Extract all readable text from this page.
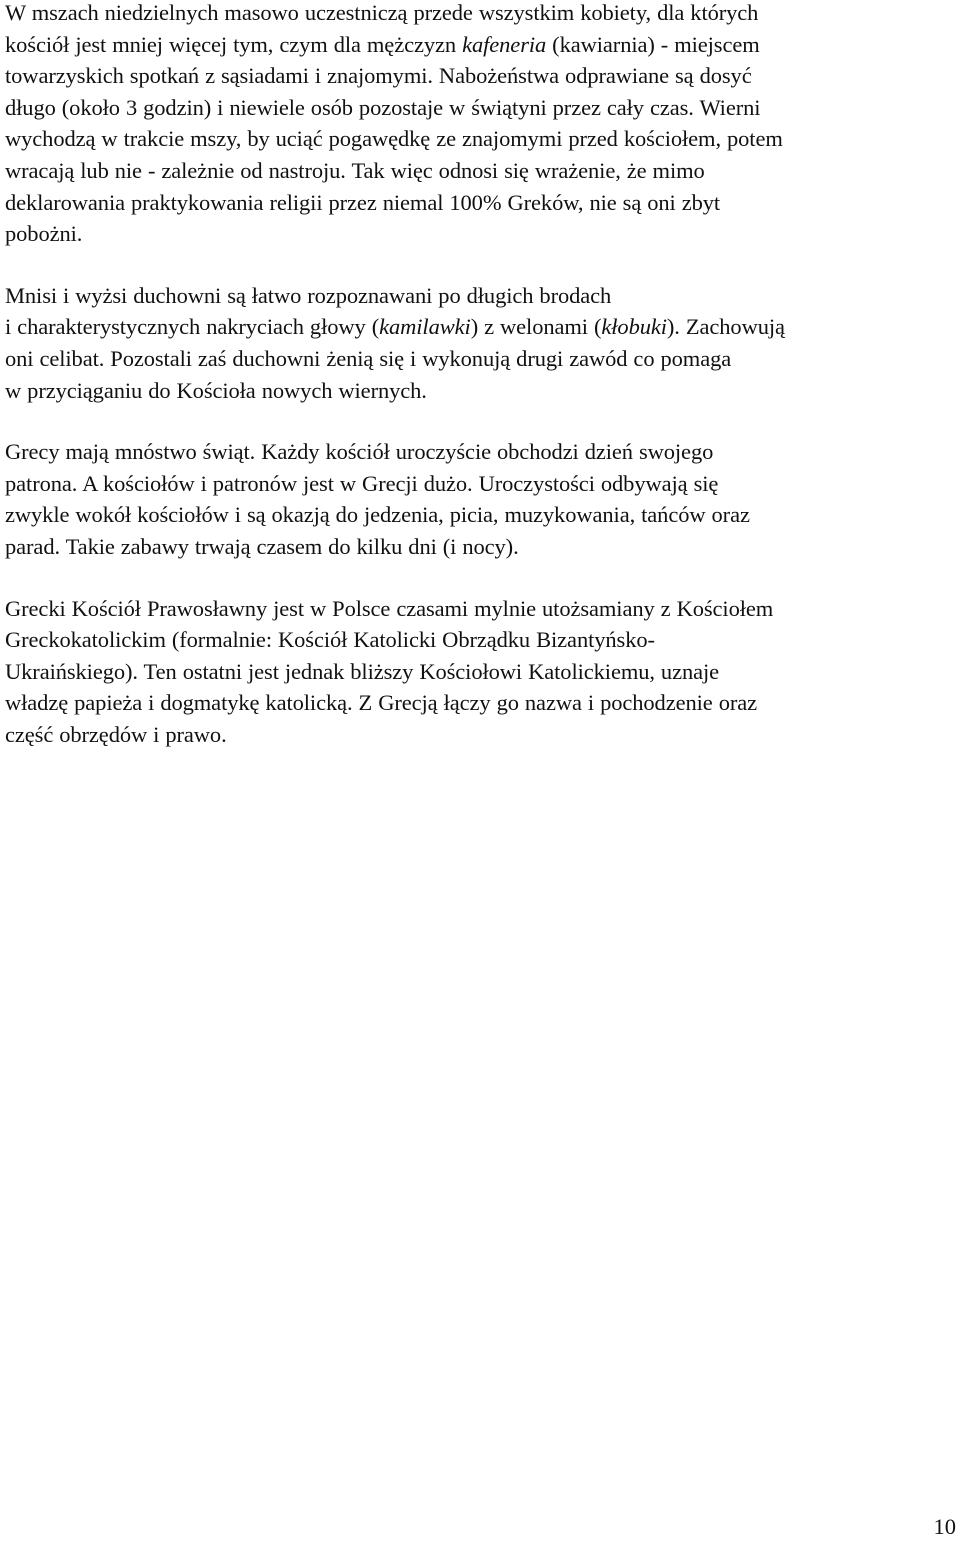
W mszach niedzielnych masowo uczestniczą przede wszystkim kobiety, dla których
kościół jest mniej więcej tym, czym dla mężczyzn kafeneria (kawiarnia) - miejscem
towarzyskich spotkań z sąsiadami i znajomymi. Nabożeństwa odprawiane są dosyć
długo (około 3 godzin) i niewiele osób pozostaje w świątyni przez cały czas. Wierni
wychodzą w trakcie mszy, by uciąć pogawędkę ze znajomymi przed kościołem, potem
wracają lub nie - zależnie od nastroju. Tak więc odnosi się wrażenie, że mimo
deklarowania praktykowania religii przez niemal 100% Greków, nie są oni zbyt
pobożni.

Mnisi i wyżsi duchowni są łatwo rozpoznawani po długich brodach
i charakterystycznych nakryciach głowy (kamilawki) z welonami (kłobuki). Zachowują
oni celibat. Pozostali zaś duchowni żenią się i wykonują drugi zawód co pomaga
w przyciąganiu do Kościoła nowych wiernych.

Grecy mają mnóstwo świąt. Każdy kościół uroczyście obchodzi dzień swojego
patrona. A kościołów i patronów jest w Grecji dużo. Uroczystości odbywają się
zwykle wokół kościołów i są okazją do jedzenia, picia, muzykowania, tańców oraz
parad. Takie zabawy trwają czasem do kilku dni (i nocy).

Grecki Kościół Prawosławny jest w Polsce czasami mylnie utożsamiany z Kościołem
Greckokatolickim (formalnie: Kościół Katolicki Obrządku Bizantyńsko-
Ukraińskiego). Ten ostatni jest jednak bliższy Kościołowi Katolickiemu, uznaje
władzę papieża i dogmatykę katolicką. Z Grecją łączy go nazwa i pochodzenie oraz
część obrzędów i prawo.

10
